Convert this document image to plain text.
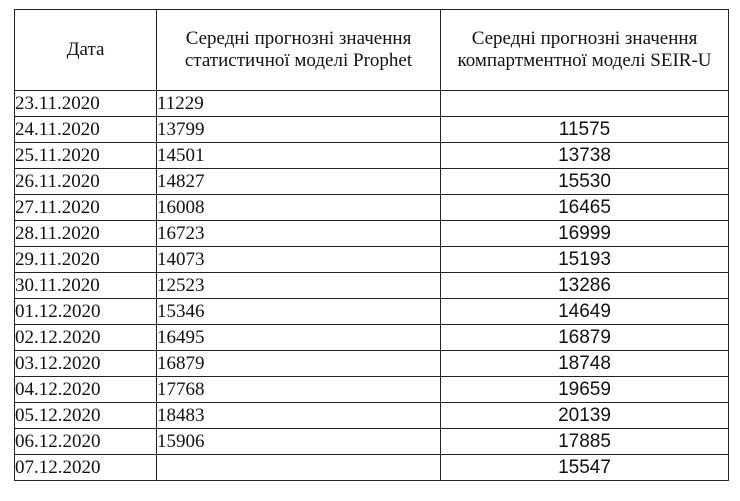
Дата	Середні прогнозні значення статистичної моделі Prophet	Середні прогнозні значення компартментної моделі SEIR-U
23.11.2020	11229	
24.11.2020	13799	11575
25.11.2020	14501	13738
26.11.2020	14827	15530
27.11.2020	16008	16465
28.11.2020	16723	16999
29.11.2020	14073	15193
30.11.2020	12523	13286
01.12.2020	15346	14649
02.12.2020	16495	16879
03.12.2020	16879	18748
04.12.2020	17768	19659
05.12.2020	18483	20139
06.12.2020	15906	17885
07.12.2020		15547
